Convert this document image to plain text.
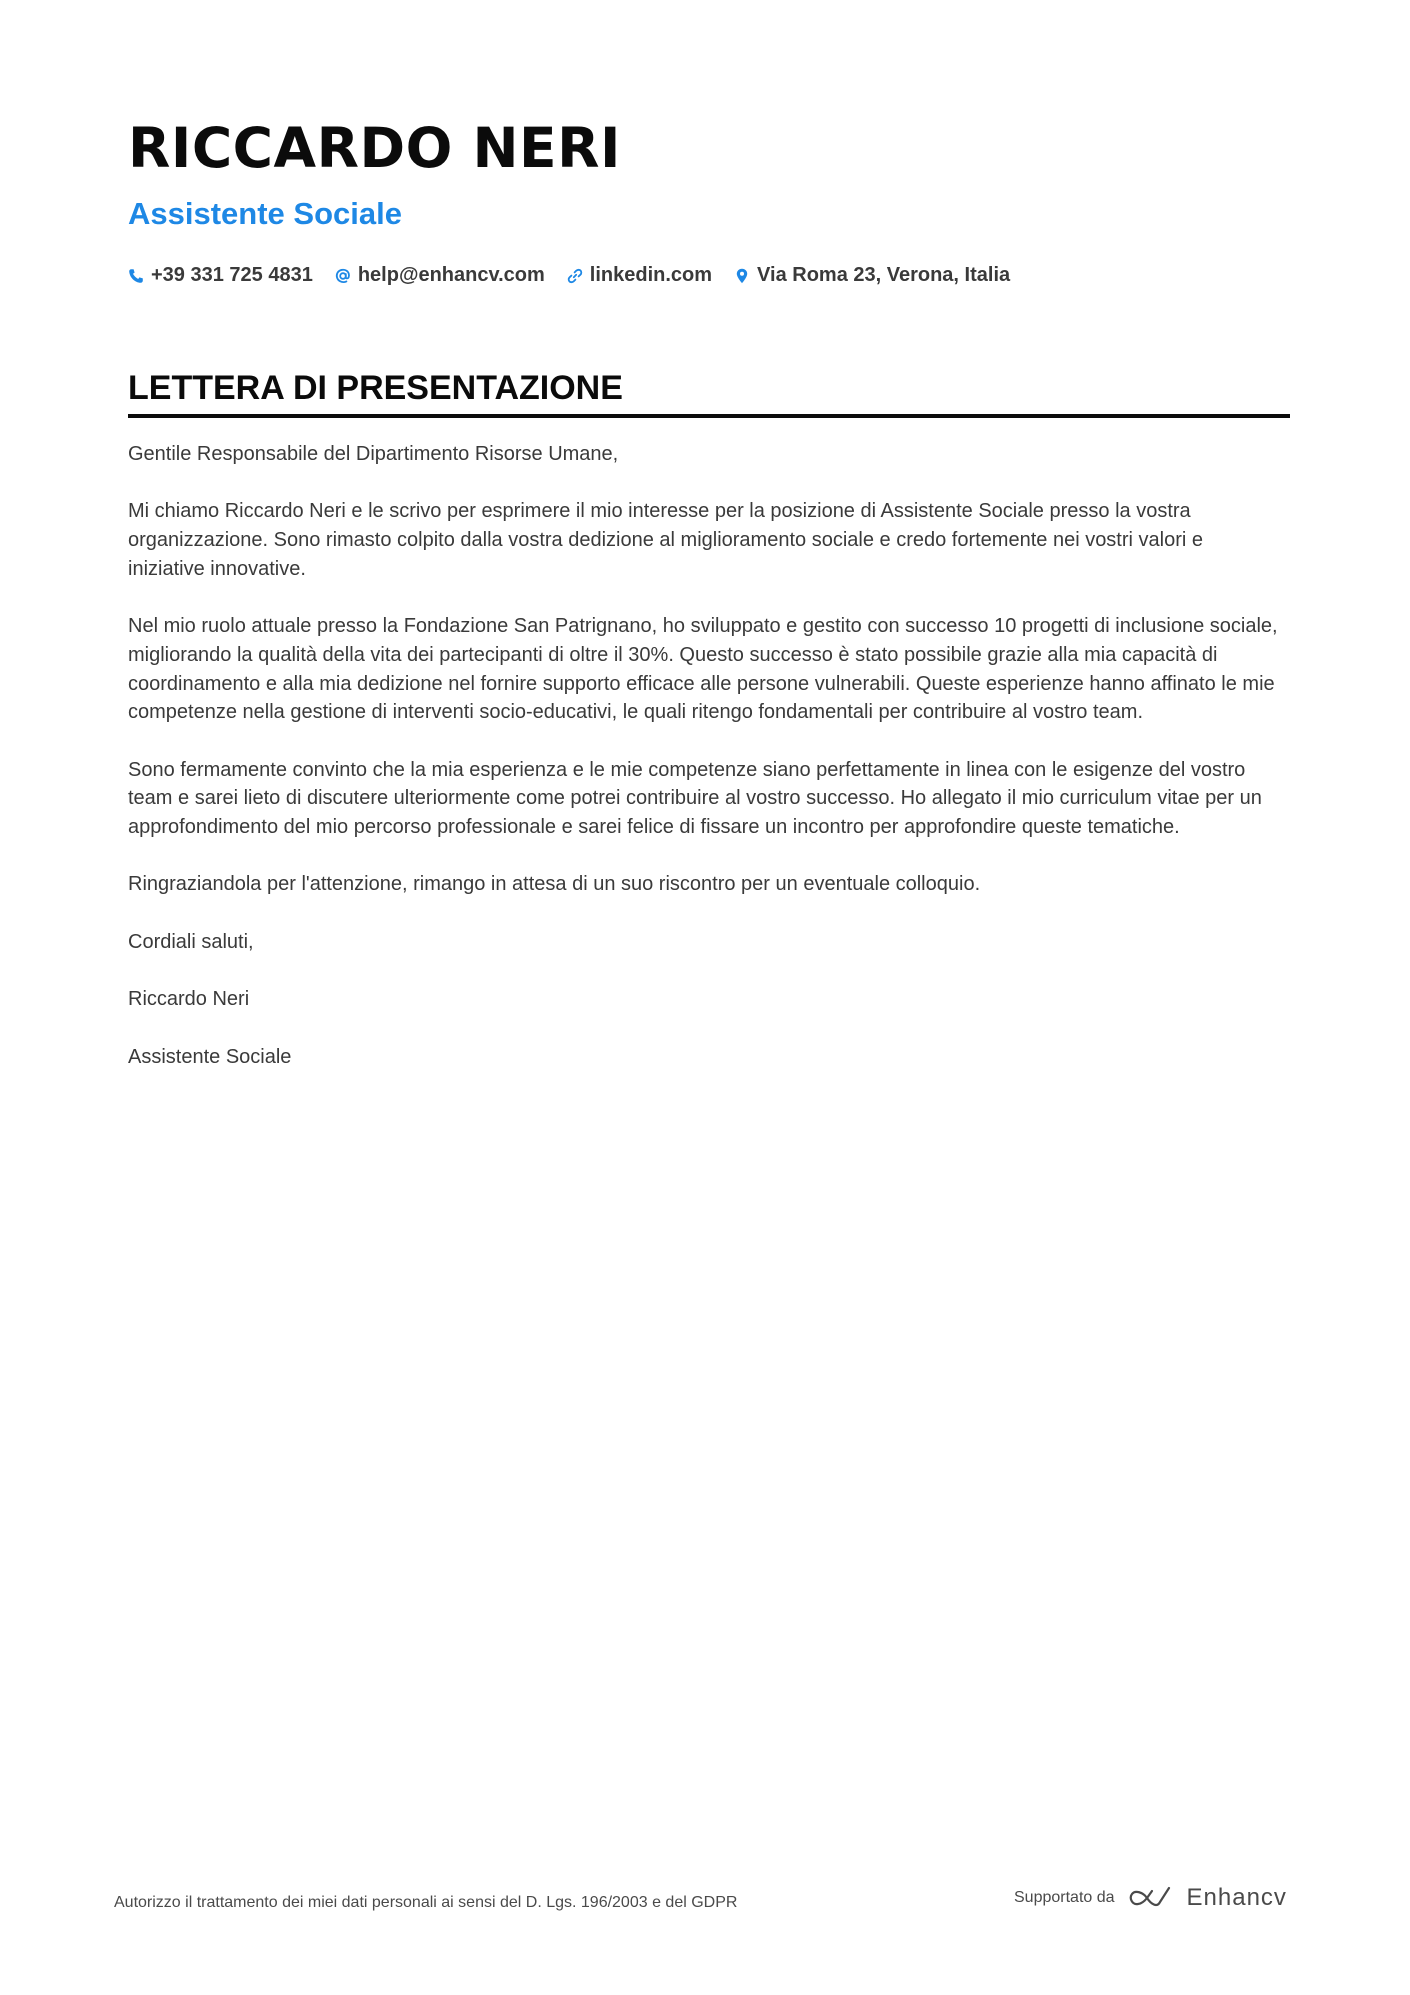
RICCARDO NERI
Assistente Sociale
+39 331 725 4831 help@enhancv.com linkedin.com Via Roma 23, Verona, Italia
LETTERA DI PRESENTAZIONE

Gentile Responsabile del Dipartimento Risorse Umane,

Mi chiamo Riccardo Neri e le scrivo per esprimere il mio interesse per la posizione di Assistente Sociale presso la vostra organizzazione. Sono rimasto colpito dalla vostra dedizione al miglioramento sociale e credo fortemente nei vostri valori e iniziative innovative.

Nel mio ruolo attuale presso la Fondazione San Patrignano, ho sviluppato e gestito con successo 10 progetti di inclusione sociale, migliorando la qualità della vita dei partecipanti di oltre il 30%. Questo successo è stato possibile grazie alla mia capacità di coordinamento e alla mia dedizione nel fornire supporto efficace alle persone vulnerabili. Queste esperienze hanno affinato le mie competenze nella gestione di interventi socio-educativi, le quali ritengo fondamentali per contribuire al vostro team.

Sono fermamente convinto che la mia esperienza e le mie competenze siano perfettamente in linea con le esigenze del vostro team e sarei lieto di discutere ulteriormente come potrei contribuire al vostro successo. Ho allegato il mio curriculum vitae per un approfondimento del mio percorso professionale e sarei felice di fissare un incontro per approfondire queste tematiche.

Ringraziandola per l'attenzione, rimango in attesa di un suo riscontro per un eventuale colloquio.

Cordiali saluti,

Riccardo Neri

Assistente Sociale

Autorizzo il trattamento dei miei dati personali ai sensi del D. Lgs. 196/2003 e del GDPR	Supportato da	Enhancv
